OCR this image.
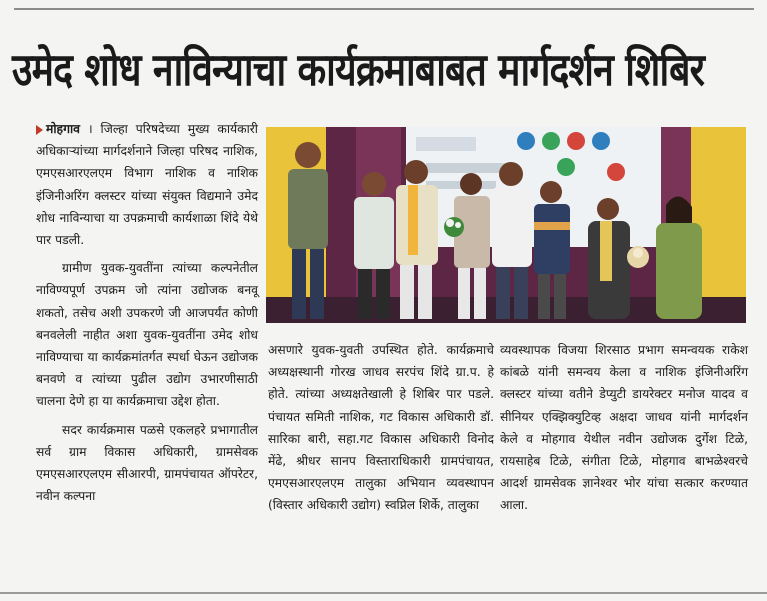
उमेद शोध नाविन्याचा कार्यक्रमाबाबत मार्गदर्शन शिबिर

मोहगाव । जिल्हा परिषदेच्या मुख्य कार्यकारी अधिकाऱ्यांच्या मार्गदर्शनाने जिल्हा परिषद नाशिक, एमएसआरएलएम विभाग नाशिक व नाशिक इंजिनीअरिंग क्लस्टर यांच्या संयुक्त विद्यमाने उमेद शोध नाविन्याचा या उपक्रमाची कार्यशाळा शिंदे येथे पार पडली.

ग्रामीण युवक-युवतींना त्यांच्या कल्पनेतील नाविण्यपूर्ण उपक्रम जो त्यांना उद्योजक बनवू शकतो, तसेच अशी उपकरणे जी आजपर्यंत कोणी बनवलेली नाहीत अशा युवक-युवतींना उमेद शोध नाविण्याचा या कार्यक्रमांतर्गत स्पर्धा घेऊन उद्योजक बनवणे व त्यांच्या पुढील उद्योग उभारणीसाठी चालना देणे हा या कार्यक्रमाचा उद्देश होता.

सदर कार्यक्रमास पळसे एकलहरे प्रभागातील सर्व ग्राम विकास अधिकारी, ग्रामसेवक एमएसआरएलएम सीआरपी, ग्रामपंचायत ऑपरेटर, नवीन कल्पना

असणारे युवक-युवती उपस्थित होते. कार्यक्रमाचे अध्यक्षस्थानी गोरख जाधव सरपंच शिंदे ग्रा.प. हे होते. त्यांच्या अध्यक्षतेखाली हे शिबिर पार पडले. पंचायत समिती नाशिक, गट विकास अधिकारी डॉ. सारिका बारी, सहा.गट विकास अधिकारी विनोद मेंढे, श्रीधर सानप विस्ताराधिकारी ग्रामपंचायत, एमएसआरएलएम तालुका अभियान व्यवस्थापन (विस्तार अधिकारी उद्योग) स्वप्निल शिर्के, तालुका

व्यवस्थापक विजया शिरसाठ प्रभाग समन्वयक राकेश कांबळे यांनी समन्वय केला व नाशिक इंजिनीअरिंग क्लस्टर यांच्या वतीने डेप्युटी डायरेक्टर मनोज यादव व सीनियर एक्झिक्युटिव्ह अक्षदा जाधव यांनी मार्गदर्शन केले व मोहगाव येथील नवीन उद्योजक दुर्गेश टिळे, रायसाहेब टिळे, संगीता टिळे, मोहगाव बाभळेश्वरचे आदर्श ग्रामसेवक ज्ञानेश्वर भोर यांचा सत्कार करण्यात आला.
